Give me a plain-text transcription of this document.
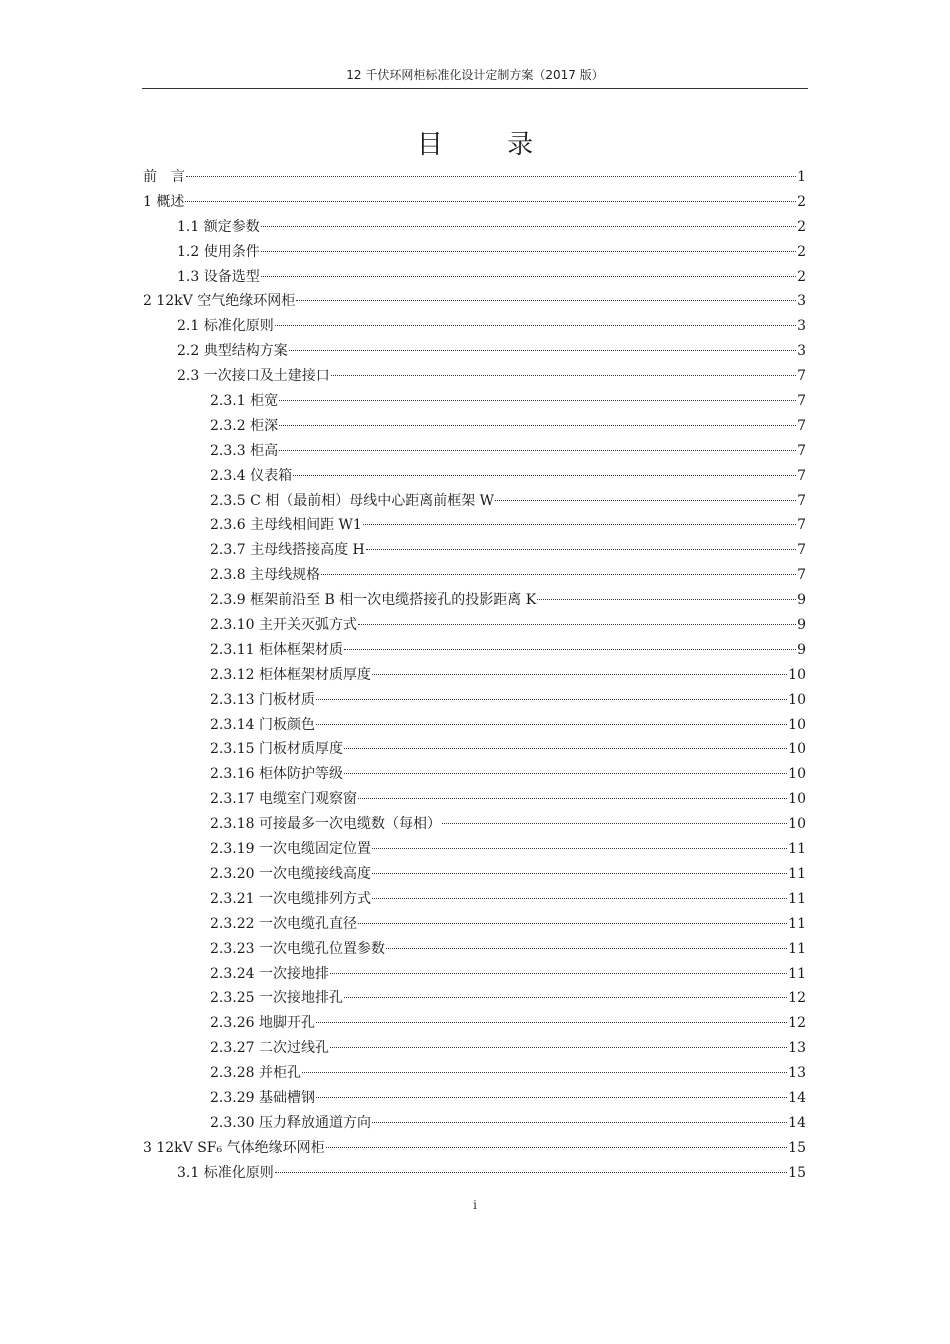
12 千伏环网柜标准化设计定制方案（2017 版）
目 录
前　言	1
1 概述	2
1.1 额定参数	2
1.2 使用条件	2
1.3 设备选型	2
2 12kV 空气绝缘环网柜	3
2.1 标准化原则	3
2.2 典型结构方案	3
2.3 一次接口及土建接口	7
2.3.1 柜宽	7
2.3.2 柜深	7
2.3.3 柜高	7
2.3.4 仪表箱	7
2.3.5 C 相（最前相）母线中心距离前框架 W	7
2.3.6 主母线相间距 W1	7
2.3.7 主母线搭接高度 H	7
2.3.8 主母线规格	7
2.3.9 框架前沿至 B 相一次电缆搭接孔的投影距离 K	9
2.3.10 主开关灭弧方式	9
2.3.11 柜体框架材质	9
2.3.12 柜体框架材质厚度	10
2.3.13 门板材质	10
2.3.14 门板颜色	10
2.3.15 门板材质厚度	10
2.3.16 柜体防护等级	10
2.3.17 电缆室门观察窗	10
2.3.18 可接最多一次电缆数（每相）	10
2.3.19 一次电缆固定位置	11
2.3.20 一次电缆接线高度	11
2.3.21 一次电缆排列方式	11
2.3.22 一次电缆孔直径	11
2.3.23 一次电缆孔位置参数	11
2.3.24 一次接地排	11
2.3.25 一次接地排孔	12
2.3.26 地脚开孔	12
2.3.27 二次过线孔	13
2.3.28 并柜孔	13
2.3.29 基础槽钢	14
2.3.30 压力释放通道方向	14
3 12kV SF₆ 气体绝缘环网柜	15
3.1 标准化原则	15
i
